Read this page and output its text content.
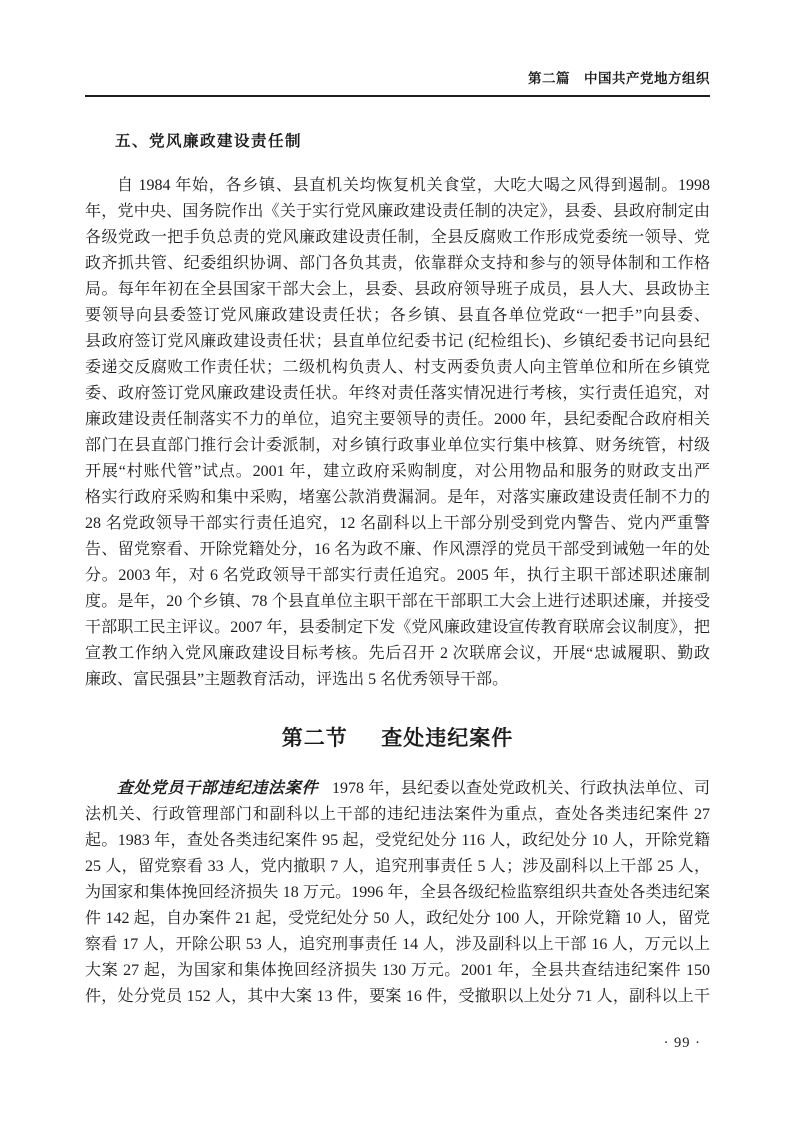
第二篇　中国共产党地方组织
五、党风廉政建设责任制
自 1984 年始，各乡镇、县直机关均恢复机关食堂，大吃大喝之风得到遏制。1998
年，党中央、国务院作出《关于实行党风廉政建设责任制的决定》，县委、县政府制定由
各级党政一把手负总责的党风廉政建设责任制，全县反腐败工作形成党委统一领导、党
政齐抓共管、纪委组织协调、部门各负其责，依靠群众支持和参与的领导体制和工作格
局。每年年初在全县国家干部大会上，县委、县政府领导班子成员，县人大、县政协主
要领导向县委签订党风廉政建设责任状；各乡镇、县直各单位党政“一把手”向县委、
县政府签订党风廉政建设责任状；县直单位纪委书记 (纪检组长)、乡镇纪委书记向县纪
委递交反腐败工作责任状；二级机构负责人、村支两委负责人向主管单位和所在乡镇党
委、政府签订党风廉政建设责任状。年终对责任落实情况进行考核，实行责任追究，对
廉政建设责任制落实不力的单位，追究主要领导的责任。2000 年，县纪委配合政府相关
部门在县直部门推行会计委派制，对乡镇行政事业单位实行集中核算、财务统管，村级
开展“村账代管”试点。2001 年，建立政府采购制度，对公用物品和服务的财政支出严
格实行政府采购和集中采购，堵塞公款消费漏洞。是年，对落实廉政建设责任制不力的
28 名党政领导干部实行责任追究，12 名副科以上干部分别受到党内警告、党内严重警
告、留党察看、开除党籍处分，16 名为政不廉、作风漂浮的党员干部受到诫勉一年的处
分。2003 年，对 6 名党政领导干部实行责任追究。2005 年，执行主职干部述职述廉制
度。是年，20 个乡镇、78 个县直单位主职干部在干部职工大会上进行述职述廉，并接受
干部职工民主评议。2007 年，县委制定下发《党风廉政建设宣传教育联席会议制度》，把
宣教工作纳入党风廉政建设目标考核。先后召开 2 次联席会议，开展“忠诚履职、勤政
廉政、富民强县”主题教育活动，评选出 5 名优秀领导干部。
第二节 查处违纪案件
查处党员干部违纪违法案件 1978 年，县纪委以查处党政机关、行政执法单位、司
法机关、行政管理部门和副科以上干部的违纪违法案件为重点，查处各类违纪案件 27
起。1983 年，查处各类违纪案件 95 起，受党纪处分 116 人，政纪处分 10 人，开除党籍
25 人，留党察看 33 人，党内撤职 7 人，追究刑事责任 5 人；涉及副科以上干部 25 人，
为国家和集体挽回经济损失 18 万元。1996 年，全县各级纪检监察组织共查处各类违纪案
件 142 起，自办案件 21 起，受党纪处分 50 人，政纪处分 100 人，开除党籍 10 人，留党
察看 17 人，开除公职 53 人，追究刑事责任 14 人，涉及副科以上干部 16 人，万元以上
大案 27 起，为国家和集体挽回经济损失 130 万元。2001 年，全县共查结违纪案件 150
件，处分党员 152 人，其中大案 13 件，要案 16 件，受撤职以上处分 71 人，副科以上干
· 99 ·
